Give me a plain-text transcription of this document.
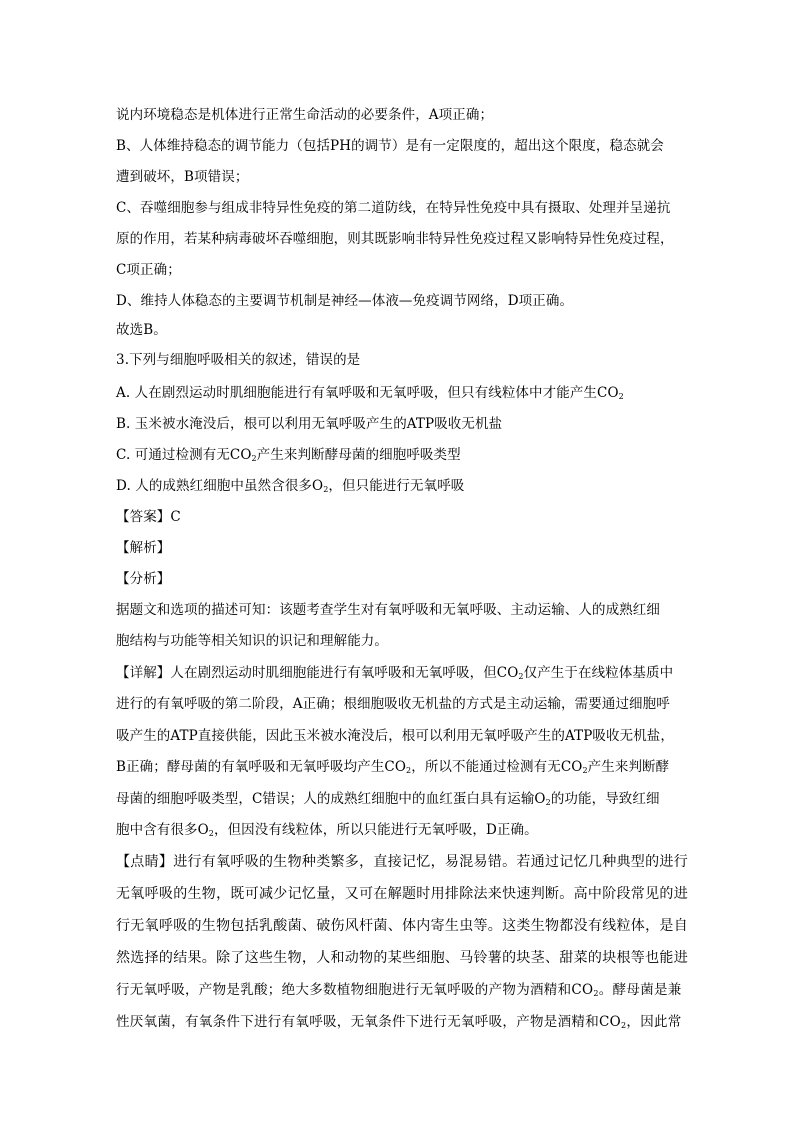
说内环境稳态是机体进行正常生命活动的必要条件，A项正确；
B、人体维持稳态的调节能力（包括PH的调节）是有一定限度的，超出这个限度，稳态就会
遭到破坏，B项错误；
C、吞噬细胞参与组成非特异性免疫的第二道防线，在特异性免疫中具有摄取、处理并呈递抗
原的作用，若某种病毒破坏吞噬细胞，则其既影响非特异性免疫过程又影响特异性免疫过程，
C项正确；
D、维持人体稳态的主要调节机制是神经—体液—免疫调节网络，D项正确。
故选B。
3.下列与细胞呼吸相关的叙述，错误的是
A. 人在剧烈运动时肌细胞能进行有氧呼吸和无氧呼吸，但只有线粒体中才能产生$CO_2$
B. 玉米被水淹没后，根可以利用无氧呼吸产生的ATP吸收无机盐
C. 可通过检测有无$CO_2$产生来判断酵母菌的细胞呼吸类型
D. 人的成熟红细胞中虽然含很多$O_2$，但只能进行无氧呼吸
【答案】C
【解析】
【分析】
据题文和选项的描述可知：该题考查学生对有氧呼吸和无氧呼吸、主动运输、人的成熟红细
胞结构与功能等相关知识的识记和理解能力。
【详解】人在剧烈运动时肌细胞能进行有氧呼吸和无氧呼吸，但$CO_2$仅产生于在线粒体基质中
进行的有氧呼吸的第二阶段，A正确；根细胞吸收无机盐的方式是主动运输，需要通过细胞呼
吸产生的ATP直接供能，因此玉米被水淹没后，根可以利用无氧呼吸产生的ATP吸收无机盐，
B正确；酵母菌的有氧呼吸和无氧呼吸均产生$CO_2$，所以不能通过检测有无$CO_2$产生来判断酵
母菌的细胞呼吸类型，C错误；人的成熟红细胞中的血红蛋白具有运输$O_2$的功能，导致红细
胞中含有很多$O_2$，但因没有线粒体，所以只能进行无氧呼吸，D正确。
【点睛】进行有氧呼吸的生物种类繁多，直接记忆，易混易错。若通过记忆几种典型的进行
无氧呼吸的生物，既可减少记忆量，又可在解题时用排除法来快速判断。高中阶段常见的进
行无氧呼吸的生物包括乳酸菌、破伤风杆菌、体内寄生虫等。这类生物都没有线粒体，是自
然选择的结果。除了这些生物，人和动物的某些细胞、马铃薯的块茎、甜菜的块根等也能进
行无氧呼吸，产物是乳酸；绝大多数植物细胞进行无氧呼吸的产物为酒精和$CO_2$。酵母菌是兼
性厌氧菌，有氧条件下进行有氧呼吸，无氧条件下进行无氧呼吸，产物是酒精和$CO_2$，因此常
